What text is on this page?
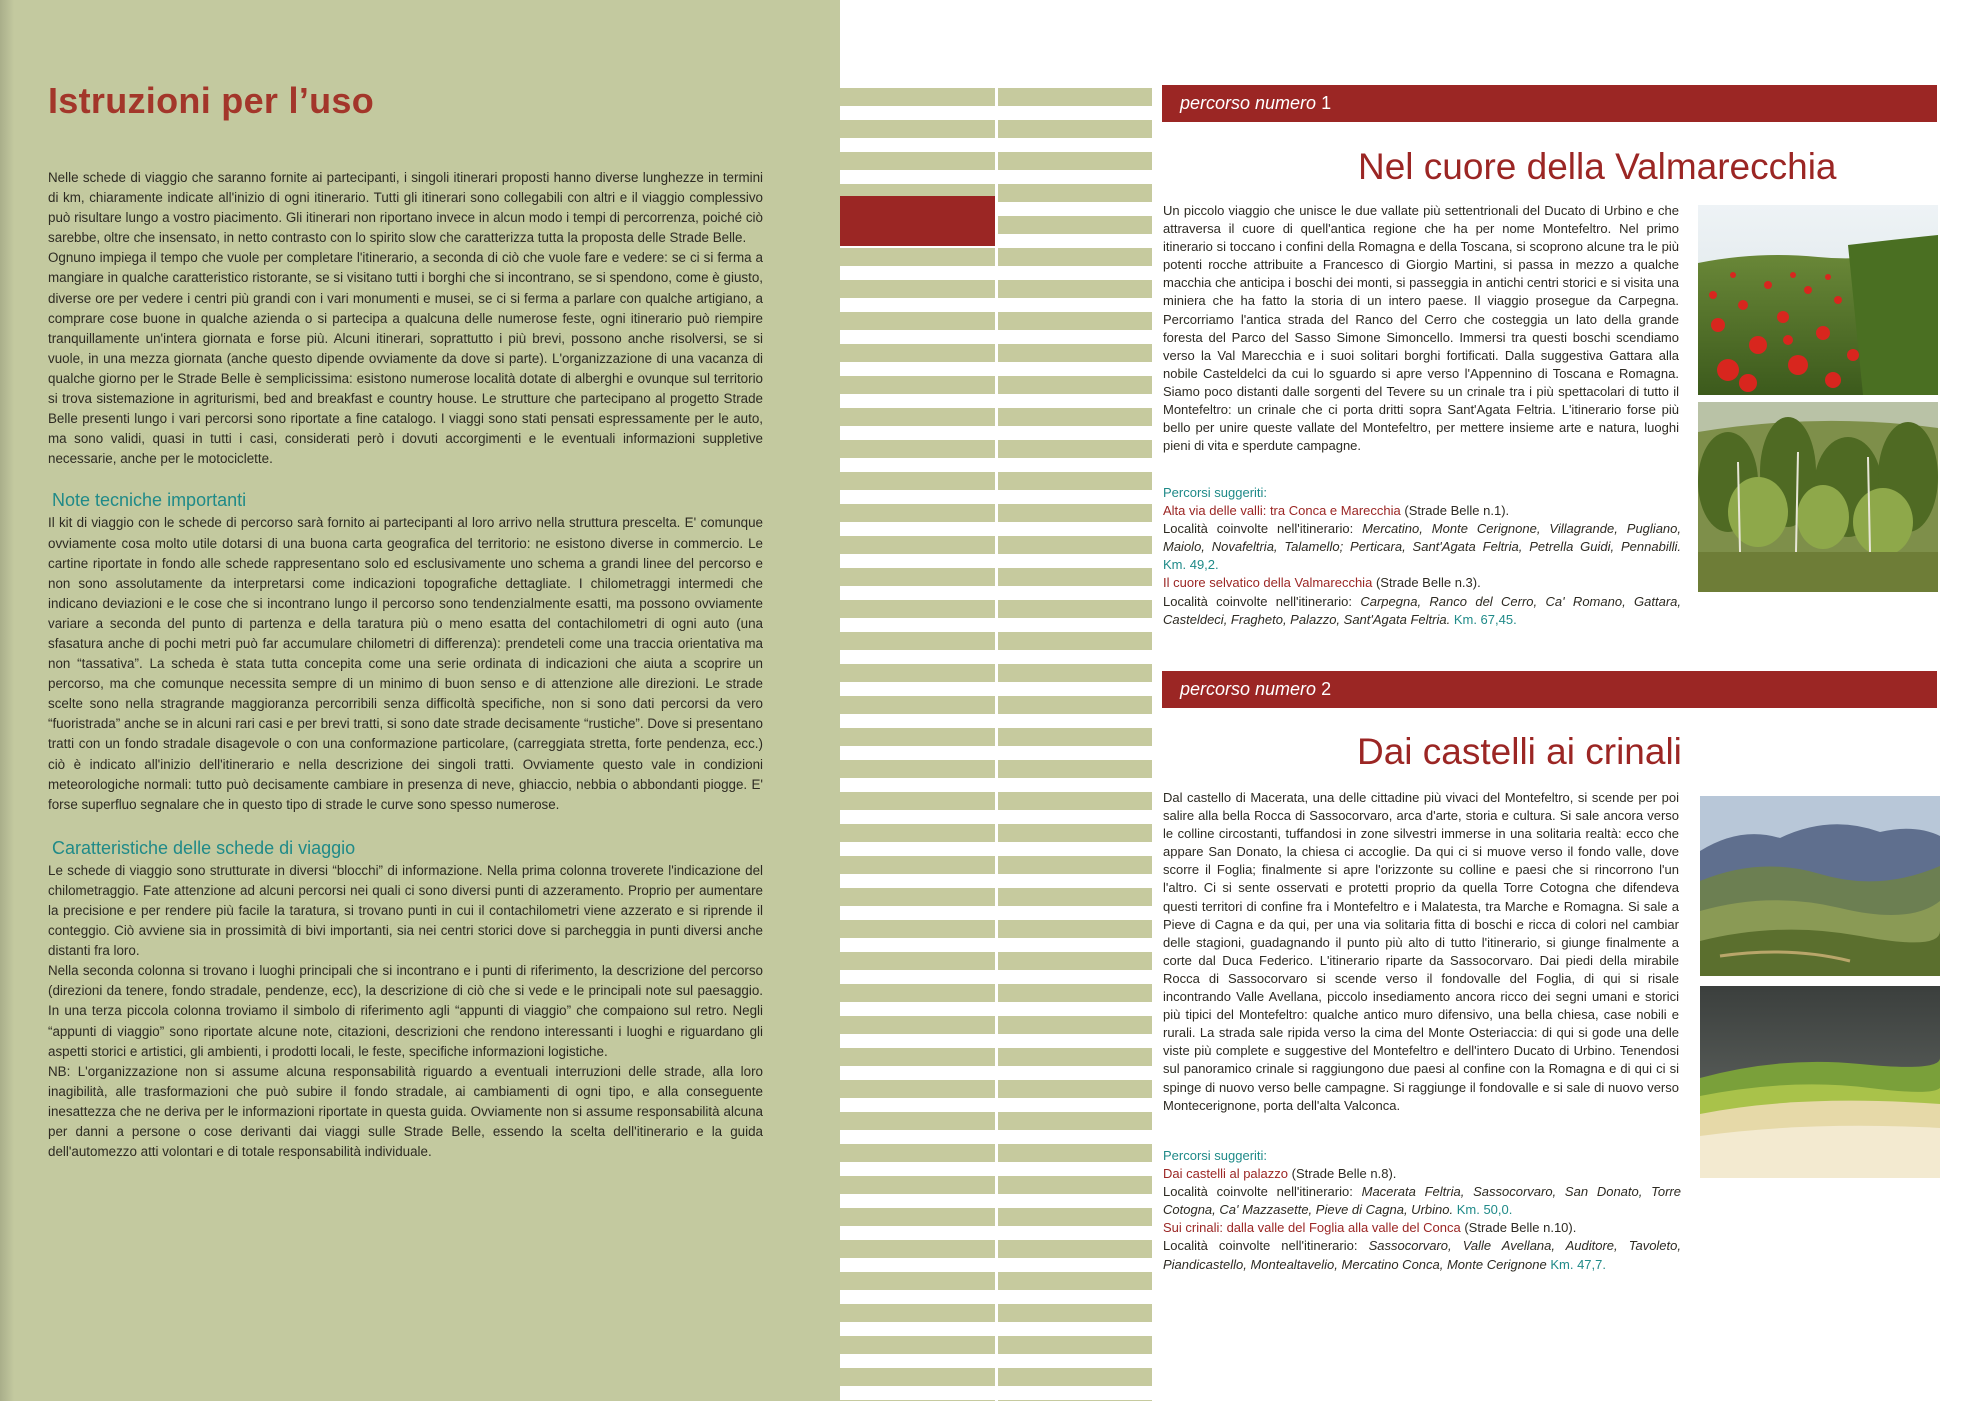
Istruzioni per l’uso

Nelle schede di viaggio che saranno fornite ai partecipanti, i singoli itinerari proposti hanno diverse lunghezze in termini di km, chiaramente indicate all'inizio di ogni itinerario. Tutti gli itinerari sono collegabili con altri e il viaggio complessivo può risultare lungo a vostro piacimento. Gli itinerari non riportano invece in alcun modo i tempi di percorrenza, poiché ciò sarebbe, oltre che insensato, in netto contrasto con lo spirito slow che caratterizza tutta la proposta delle Strade Belle.

Ognuno impiega il tempo che vuole per completare l'itinerario, a seconda di ciò che vuole fare e vedere: se ci si ferma a mangiare in qualche caratteristico ristorante, se si visitano tutti i borghi che si incontrano, se si spendono, come è giusto, diverse ore per vedere i centri più grandi con i vari monumenti e musei, se ci si ferma a parlare con qualche artigiano, a comprare cose buone in qualche azienda o si partecipa a qualcuna delle numerose feste, ogni itinerario può riempire tranquillamente un'intera giornata e forse più. Alcuni itinerari, soprattutto i più brevi, possono anche risolversi, se si vuole, in una mezza giornata (anche questo dipende ovviamente da dove si parte). L'organizzazione di una vacanza di qualche giorno per le Strade Belle è semplicissima: esistono numerose località dotate di alberghi e ovunque sul territorio si trova sistemazione in agriturismi, bed and breakfast e country house. Le strutture che partecipano al progetto Strade Belle presenti lungo i vari percorsi sono riportate a fine catalogo. I viaggi sono stati pensati espressamente per le auto, ma sono validi, quasi in tutti i casi, considerati però i dovuti accorgimenti e le eventuali informazioni suppletive necessarie, anche per le motociclette.

Note tecniche importanti

Il kit di viaggio con le schede di percorso sarà fornito ai partecipanti al loro arrivo nella struttura prescelta. E' comunque ovviamente cosa molto utile dotarsi di una buona carta geografica del territorio: ne esistono diverse in commercio. Le cartine riportate in fondo alle schede rappresentano solo ed esclusivamente uno schema a grandi linee del percorso e non sono assolutamente da interpretarsi come indicazioni topografiche dettagliate. I chilometraggi intermedi che indicano deviazioni e le cose che si incontrano lungo il percorso sono tendenzialmente esatti, ma possono ovviamente variare a seconda del punto di partenza e della taratura più o meno esatta del contachilometri di ogni auto (una sfasatura anche di pochi metri può far accumulare chilometri di differenza): prendeteli come una traccia orientativa ma non “tassativa”. La scheda è stata tutta concepita come una serie ordinata di indicazioni che aiuta a scoprire un percorso, ma che comunque necessita sempre di un minimo di buon senso e di attenzione alle direzioni. Le strade scelte sono nella stragrande maggioranza percorribili senza difficoltà specifiche, non si sono dati percorsi da vero “fuoristrada” anche se in alcuni rari casi e per brevi tratti, si sono date strade decisamente “rustiche”. Dove si presentano tratti con un fondo stradale disagevole o con una conformazione particolare, (carreggiata stretta, forte pendenza, ecc.) ciò è indicato all'inizio dell'itinerario e nella descrizione dei singoli tratti. Ovviamente questo vale in condizioni meteorologiche normali: tutto può decisamente cambiare in presenza di neve, ghiaccio, nebbia o abbondanti piogge. E' forse superfluo segnalare che in questo tipo di strade le curve sono spesso numerose.

Caratteristiche delle schede di viaggio

Le schede di viaggio sono strutturate in diversi “blocchi” di informazione. Nella prima colonna troverete l'indicazione del chilometraggio. Fate attenzione ad alcuni percorsi nei quali ci sono diversi punti di azzeramento. Proprio per aumentare la precisione e per rendere più facile la taratura, si trovano punti in cui il contachilometri viene azzerato e si riprende il conteggio. Ciò avviene sia in prossimità di bivi importanti, sia nei centri storici dove si parcheggia in punti diversi anche distanti fra loro.

Nella seconda colonna si trovano i luoghi principali che si incontrano e i punti di riferimento, la descrizione del percorso (direzioni da tenere, fondo stradale, pendenze, ecc), la descrizione di ciò che si vede e le principali note sul paesaggio. In una terza piccola colonna troviamo il simbolo di riferimento agli “appunti di viaggio” che compaiono sul retro. Negli “appunti di viaggio” sono riportate alcune note, citazioni, descrizioni che rendono interessanti i luoghi e riguardano gli aspetti storici e artistici, gli ambienti, i prodotti locali, le feste, specifiche informazioni logistiche.

NB: L'organizzazione non si assume alcuna responsabilità riguardo a eventuali interruzioni delle strade, alla loro inagibilità, alle trasformazioni che può subire il fondo stradale, ai cambiamenti di ogni tipo, e alla conseguente inesattezza che ne deriva per le informazioni riportate in questa guida. Ovviamente non si assume responsabilità alcuna per danni a persone o cose derivanti dai viaggi sulle Strade Belle, essendo la scelta dell'itinerario e la guida dell'automezzo atti volontari e di totale responsabilità individuale.

percorso numero 1
Nel cuore della Valmarecchia

Un piccolo viaggio che unisce le due vallate più settentrionali del Ducato di Urbino e che attraversa il cuore di quell'antica regione che ha per nome Montefeltro. Nel primo itinerario si toccano i confini della Romagna e della Toscana, si scoprono alcune tra le più potenti rocche attribuite a Francesco di Giorgio Martini, si passa in mezzo a qualche macchia che anticipa i boschi dei monti, si passeggia in antichi centri storici e si visita una miniera che ha fatto la storia di un intero paese. Il viaggio prosegue da Carpegna. Percorriamo l'antica strada del Ranco del Cerro che costeggia un lato della grande foresta del Parco del Sasso Simone Simoncello. Immersi tra questi boschi scendiamo verso la Val Marecchia e i suoi solitari borghi fortificati. Dalla suggestiva Gattara alla nobile Casteldelci da cui lo sguardo si apre verso l'Appennino di Toscana e Romagna. Siamo poco distanti dalle sorgenti del Tevere su un crinale tra i più spettacolari di tutto il Montefeltro: un crinale che ci porta dritti sopra Sant'Agata Feltria. L'itinerario forse più bello per unire queste vallate del Montefeltro, per mettere insieme arte e natura, luoghi pieni di vita e sperdute campagne.

Percorsi suggeriti:
Alta via delle valli: tra Conca e Marecchia (Strade Belle n.1).
Località coinvolte nell'itinerario: Mercatino, Monte Cerignone, Villagrande, Pugliano, Maiolo, Novafeltria, Talamello; Perticara, Sant'Agata Feltria, Petrella Guidi, Pennabilli. Km. 49,2.
Il cuore selvatico della Valmarecchia (Strade Belle n.3).
Località coinvolte nell'itinerario: Carpegna, Ranco del Cerro, Ca' Romano, Gattara, Casteldeci, Fragheto, Palazzo, Sant'Agata Feltria. Km. 67,45.
percorso numero 2
Dai castelli ai crinali

Dal castello di Macerata, una delle cittadine più vivaci del Montefeltro, si scende per poi salire alla bella Rocca di Sassocorvaro, arca d'arte, storia e cultura. Si sale ancora verso le colline circostanti, tuffandosi in zone silvestri immerse in una solitaria realtà: ecco che appare San Donato, la chiesa ci accoglie. Da qui ci si muove verso il fondo valle, dove scorre il Foglia; finalmente si apre l'orizzonte su colline e paesi che si rincorrono l'un l'altro. Ci si sente osservati e protetti proprio da quella Torre Cotogna che difendeva questi territori di confine fra i Montefeltro e i Malatesta, tra Marche e Romagna. Si sale a Pieve di Cagna e da qui, per una via solitaria fitta di boschi e ricca di colori nel cambiar delle stagioni, guadagnando il punto più alto di tutto l'itinerario, si giunge finalmente a corte dal Duca Federico. L'itinerario riparte da Sassocorvaro. Dai piedi della mirabile Rocca di Sassocorvaro si scende verso il fondovalle del Foglia, di qui si risale incontrando Valle Avellana, piccolo insediamento ancora ricco dei segni umani e storici più tipici del Montefeltro: qualche antico muro difensivo, una bella chiesa, case nobili e rurali. La strada sale ripida verso la cima del Monte Osteriaccia: di qui si gode una delle viste più complete e suggestive del Montefeltro e dell'intero Ducato di Urbino. Tenendosi sul panoramico crinale si raggiungono due paesi al confine con la Romagna e di qui ci si spinge di nuovo verso belle campagne. Si raggiunge il fondovalle e si sale di nuovo verso Montecerignone, porta dell'alta Valconca.

Percorsi suggeriti:
Dai castelli al palazzo (Strade Belle n.8).
Località coinvolte nell'itinerario: Macerata Feltria, Sassocorvaro, San Donato, Torre Cotogna, Ca' Mazzasette, Pieve di Cagna, Urbino. Km. 50,0.
Sui crinali: dalla valle del Foglia alla valle del Conca (Strade Belle n.10).
Località coinvolte nell'itinerario: Sassocorvaro, Valle Avellana, Auditore, Tavoleto, Piandicastello, Montealtavelio, Mercatino Conca, Monte Cerignone Km. 47,7.
